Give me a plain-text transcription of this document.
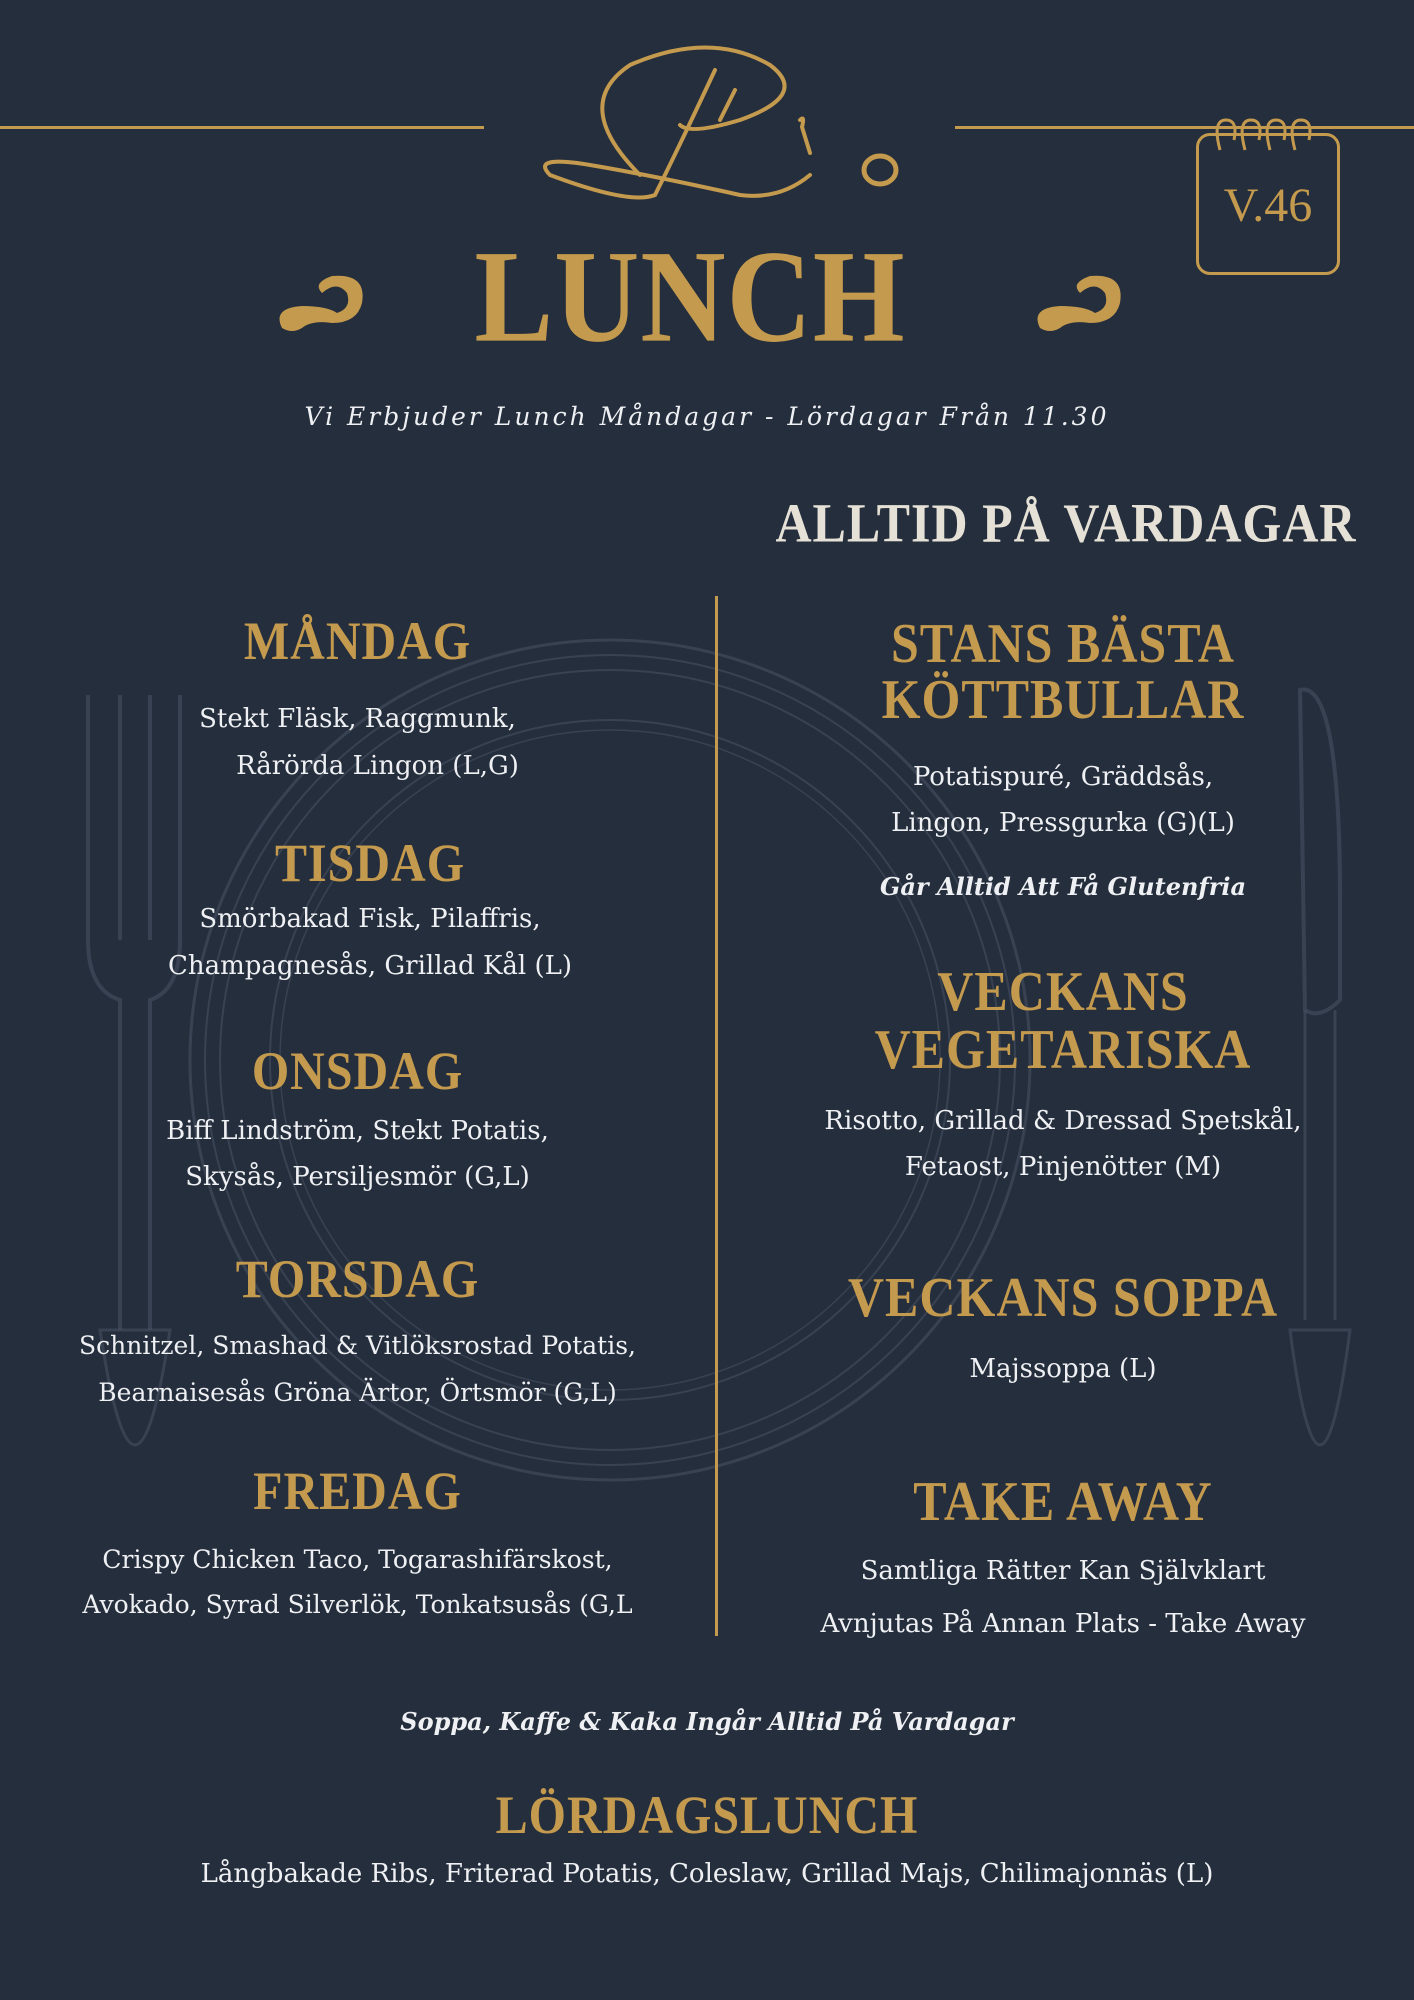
V.46
LUNCH
Vi Erbjuder Lunch Måndagar - Lördagar Från 11.30
ALLTID PÅ VARDAGAR
MÅNDAG
Stekt Fläsk, Raggmunk,
Rårörda Lingon (L,G)
TISDAG
Smörbakad Fisk, Pilaffris,
Champagnesås, Grillad Kål (L)
ONSDAG
Biff Lindström, Stekt Potatis,
Skysås, Persiljesmör (G,L)
TORSDAG
Schnitzel, Smashad & Vitlöksrostad Potatis,
Bearnaisesås Gröna Ärtor, Örtsmör (G,L)
FREDAG
Crispy Chicken Taco, Togarashifärskost,
Avokado, Syrad Silverlök, Tonkatsusås (G,L
STANS BÄSTA
KÖTTBULLAR
Potatispuré, Gräddsås,
Lingon, Pressgurka (G)(L)
Går Alltid Att Få Glutenfria
VECKANS
VEGETARISKA
Risotto, Grillad & Dressad Spetskål,
Fetaost, Pinjenötter (M)
VECKANS SOPPA
Majssoppa (L)
TAKE AWAY
Samtliga Rätter Kan Självklart
Avnjutas På Annan Plats - Take Away
Soppa, Kaffe & Kaka Ingår Alltid På Vardagar
LÖRDAGSLUNCH
Långbakade Ribs, Friterad Potatis, Coleslaw, Grillad Majs, Chilimajonnäs (L)
